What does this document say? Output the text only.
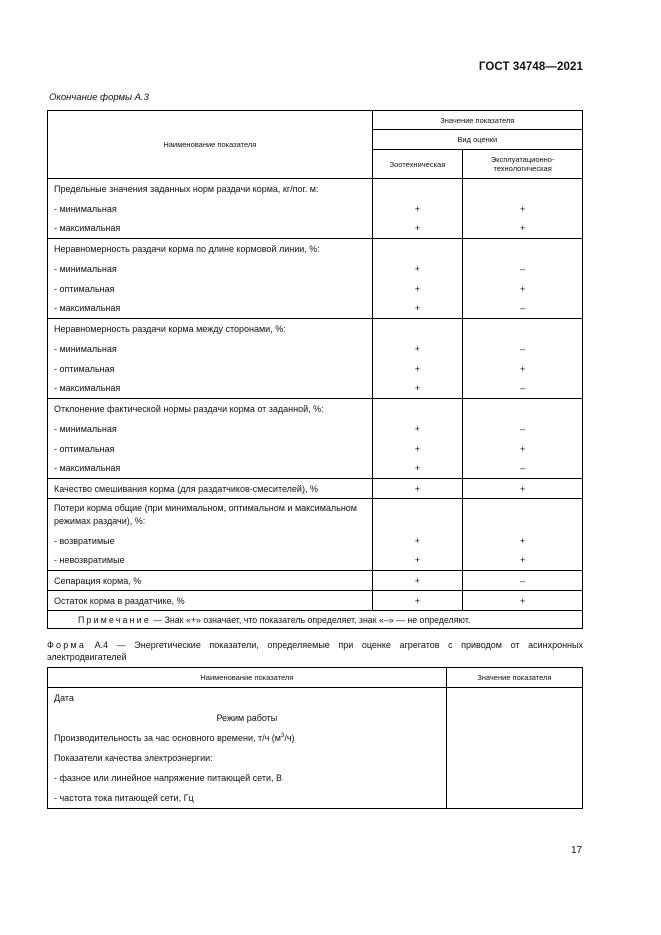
ГОСТ 34748—2021
Окончание формы А.3
Наименование показателя	Значение показателя	
	Вид оценки	
	Зоотехническая	Эксплуатационно-
технологическая
Предельные значения заданных норм раздачи корма, кг/пог. м:		
- минимальная	+	+
- максимальная	+	+
Неравномерность раздачи корма по длине кормовой линии, %:		
- минимальная	+	–
- оптимальная	+	+
- максимальная	+	–
Неравномерность раздачи корма между сторонами, %:		
- минимальная	+	–
- оптимальная	+	+
- максимальная	+	–
Отклонение фактической нормы раздачи корма от заданной, %:		
- минимальная	+	–
- оптимальная	+	+
- максимальная	+	–
Качество смешивания корма (для раздатчиков-смесителей), %	+	+
Потери корма общие (при минимальном, оптимальном и максимальном режимах раздачи), %:		
- возвратимые	+	+
- невозвратимые	+	+
Сепарация корма, %	+	–
Остаток корма в раздатчике, %	+	+
Примечание — Знак «+» означает, что показатель определяет, знак «–» — не определяют.		
Форма А.4 — Энергетические показатели, определяемые при оценке агрегатов с приводом от асинхронных электродвигателей
Наименование показателя	Значение показателя
Дата	
Режим работы	
Производительность за час основного времени, т/ч $(м^3/ч)$	
Показатели качества электроэнергии:	
- фазное или линейное напряжение питающей сети, В	
- частота тока питающей сети, Гц	
17
